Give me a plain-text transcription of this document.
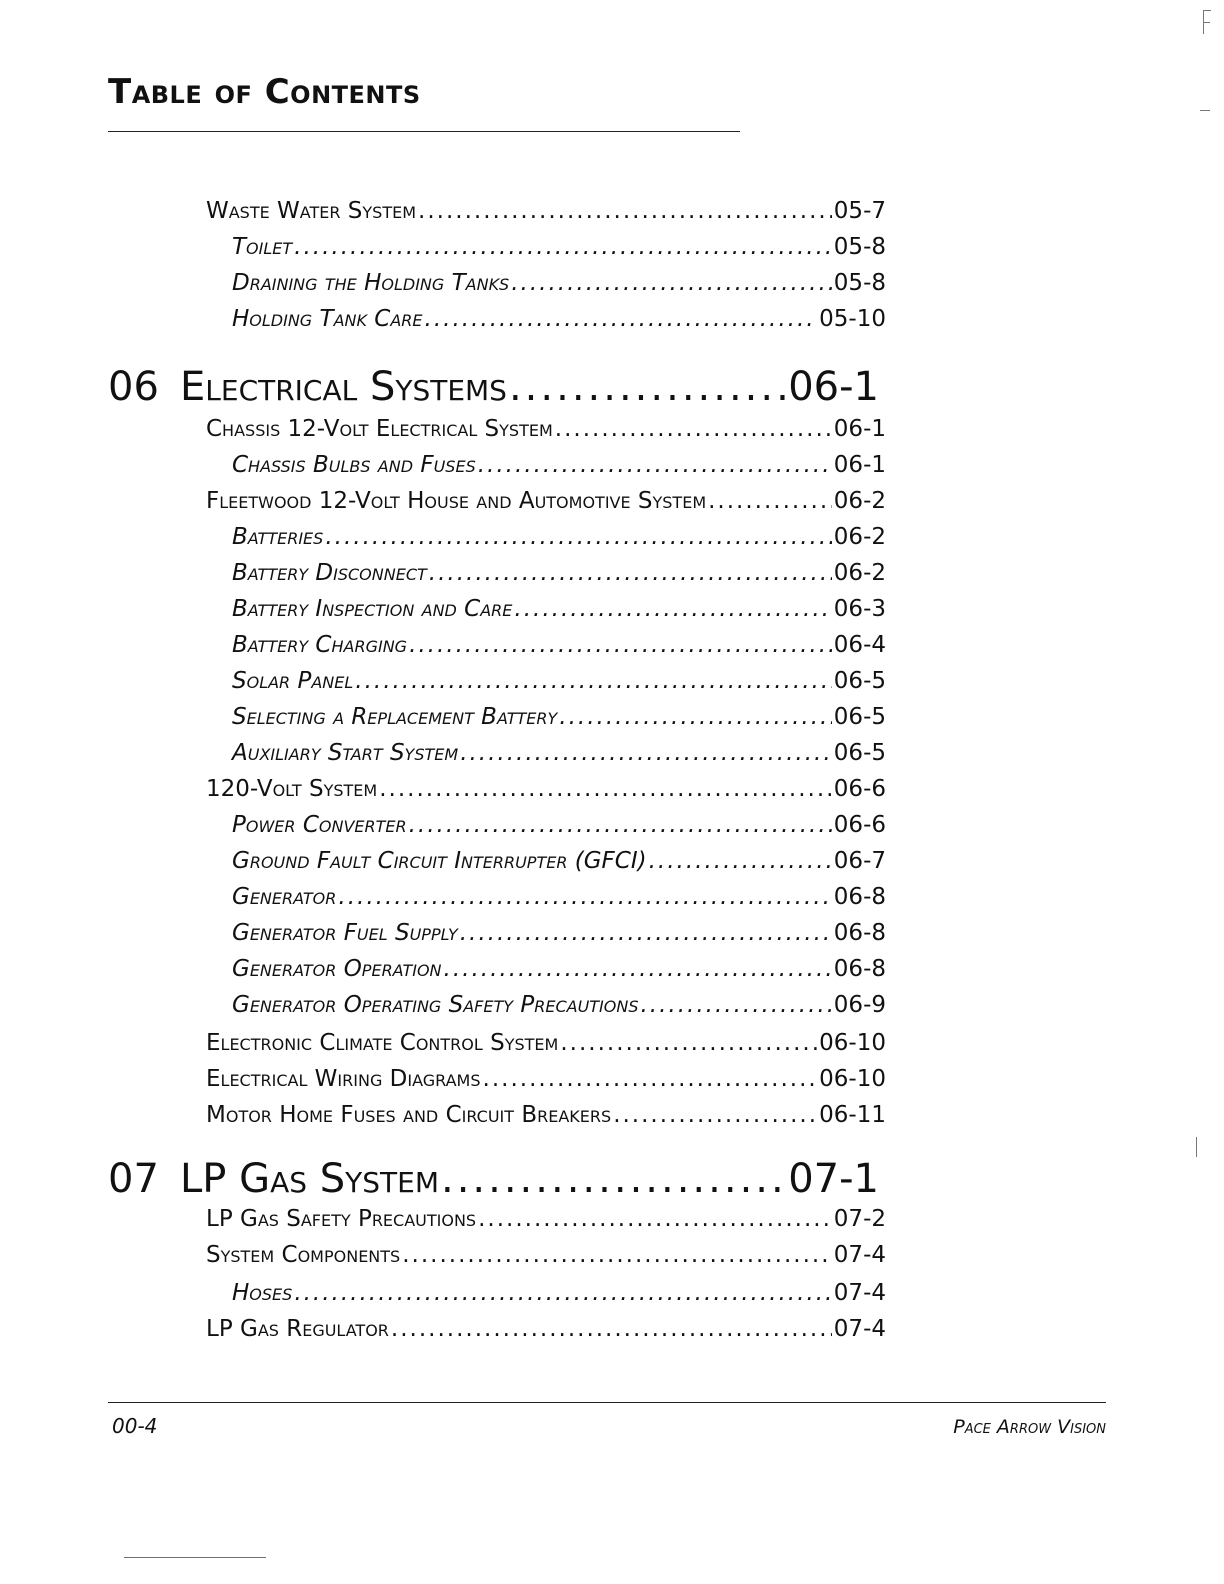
Table of Contents
Waste Water System .....	05-7
Toilet .....	05-8
Draining the Holding Tanks .....	05-8
Holding Tank Care .....	05-10
06 Electrical Systems .....	06-1
Chassis 12-Volt Electrical System .....	06-1
Chassis Bulbs and Fuses .....	06-1
Fleetwood 12-Volt House and Automotive System .....	06-2
Batteries .....	06-2
Battery Disconnect .....	06-2
Battery Inspection and Care .....	06-3
Battery Charging .....	06-4
Solar Panel .....	06-5
Selecting a Replacement Battery .....	06-5
Auxiliary Start System .....	06-5
120-Volt System .....	06-6
Power Converter .....	06-6
Ground Fault Circuit Interrupter (GFCI) .....	06-7
Generator .....	06-8
Generator Fuel Supply .....	06-8
Generator Operation .....	06-8
Generator Operating Safety Precautions .....	06-9
Electronic Climate Control System .....	06-10
Electrical Wiring Diagrams .....	06-10
Motor Home Fuses and Circuit Breakers .....	06-11
07 LP Gas System .....	07-1
LP Gas Safety Precautions .....	07-2
System Components .....	07-4
Hoses .....	07-4
LP Gas Regulator .....	07-4
00-4	Pace Arrow Vision
